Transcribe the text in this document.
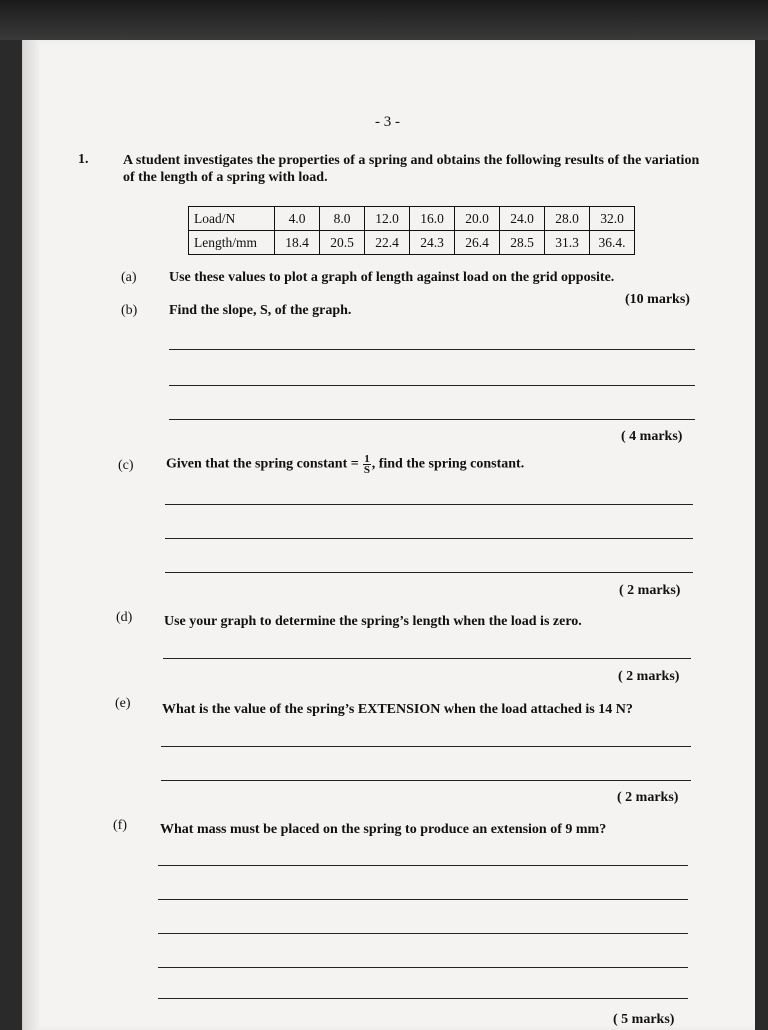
- 3 -
1. A student investigates the properties of a spring and obtains the following results of the variation of the length of a spring with load.
Load/N	4.0	8.0	12.0	16.0	20.0	24.0	28.0	32.0
Length/mm	18.4	20.5	22.4	24.3	26.4	28.5	31.3	36.4.
(a) Use these values to plot a graph of length against load on the grid opposite.
(10 marks)
(b) Find the slope, S, of the graph.
( 4 marks)
(c) Given that the spring constant = $\frac{1}{S}$ , find the spring constant.
( 2 marks)
(d) Use your graph to determine the spring’s length when the load is zero.
( 2 marks)
(e) What is the value of the spring’s EXTENSION when the load attached is 14 N?
( 2 marks)
(f) What mass must be placed on the spring to produce an extension of 9 mm?
( 5 marks)
